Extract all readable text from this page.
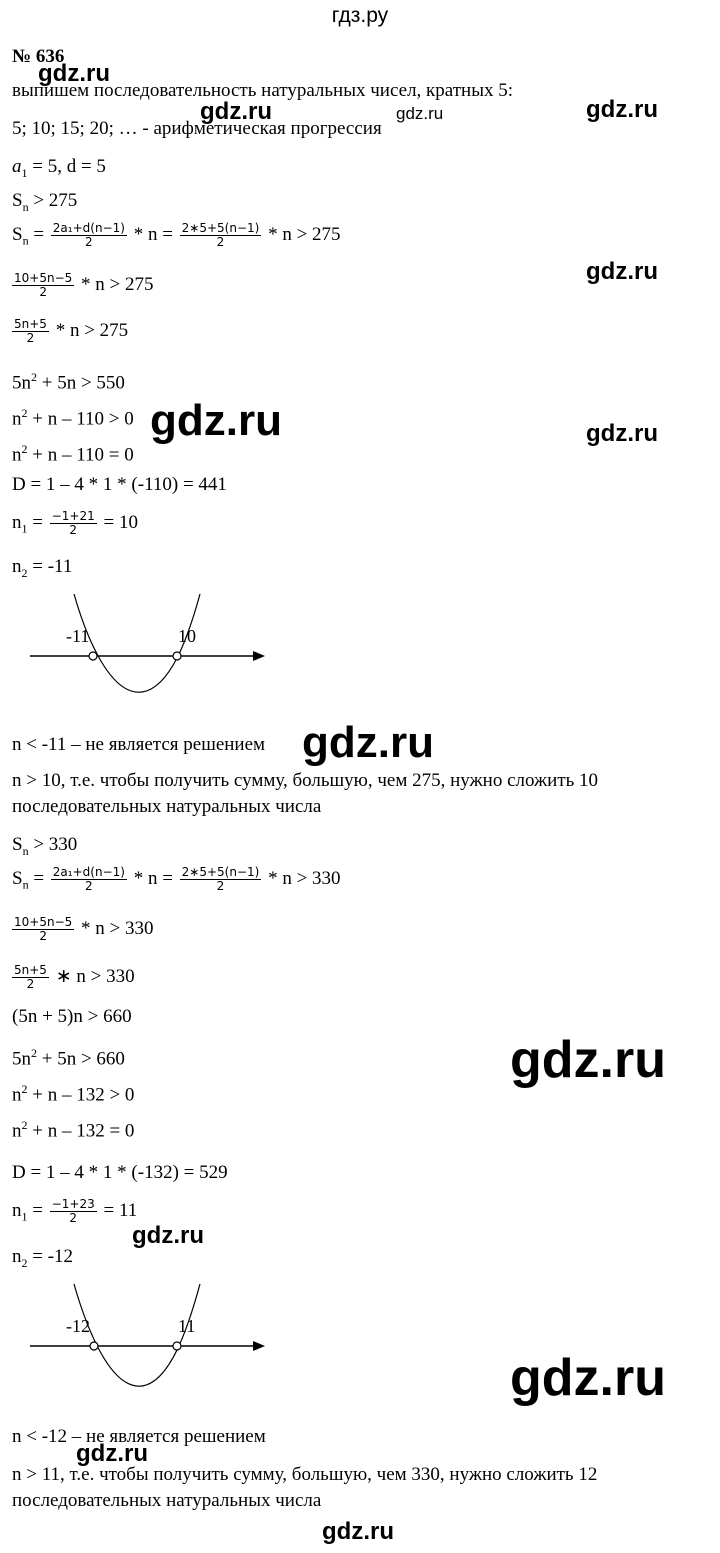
гдз.ру
gdz.ru
gdz.ru	gdz.ru	gdz.ru
gdz.ru
gdz.ru	gdz.ru
gdz.ru
gdz.ru
gdz.ru
gdz.ru
gdz.ru
gdz.ru
№ 636
выпишем последовательность натуральных чисел, кратных 5:
5; 10; 15; 20; … - арифметическая прогрессия
$a_1 = 5$, d = 5
$S_n > 275$
$S_n = \frac{\text{2a₁+d(n−1)}}{2} * n = \frac{2∗5+5(n-1)}{2} * n > 275$
$\frac{10+5n-5}{2} * n > 275$
$\frac{5n+5}{2} * n > 275$
$5n^2 + 5n > 550$
$n^2 + n - 110 > 0$
$n^2 + n - 110 = 0$
D = 1 – 4 * 1 * (-110) = 441
$n_1 = \frac{-1+21}{2} = 10$
$n_2 = -11$
-11	10
n < -11 – не является решением
n > 10, т.е. чтобы получить сумму, большую, чем 275, нужно сложить 10
последовательных натуральных числа
$S_n > 330$
$S_n = \frac{\text{2a₁+d(n−1)}}{2} * n = \frac{2∗5+5(n-1)}{2} * n > 330$
$\frac{10+5n-5}{2} * n > 330$
$\frac{5n+5}{2}$ ∗ n > 330
(5n + 5)n > 660
$5n^2 + 5n > 660$
$n^2 + n - 132 > 0$
$n^2 + n - 132 = 0$
D = 1 – 4 * 1 * (-132) = 529
$n_1 = \frac{-1+23}{2} = 11$
$n_2 = -12$
-12	11
n < -12 – не является решением
n > 11, т.е. чтобы получить сумму, большую, чем 330, нужно сложить 12
последовательных натуральных числа
